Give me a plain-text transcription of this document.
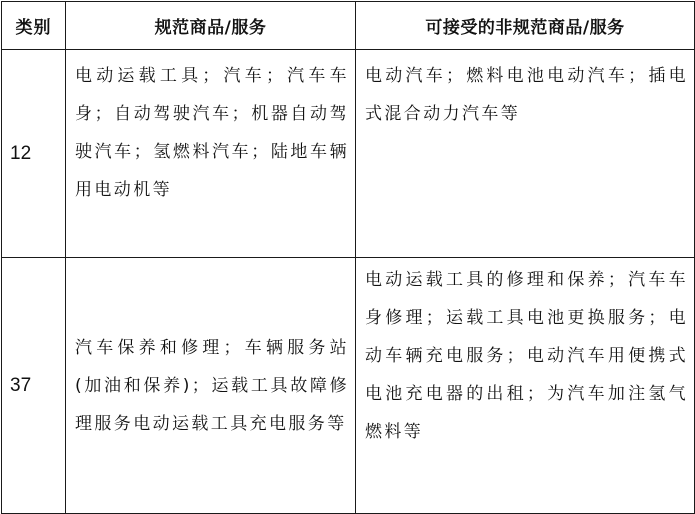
类别	规范商品/服务	可接受的非规范商品/服务
12	电动运载工具；汽车；汽车车身；自动驾驶汽车；机器自动驾驶汽车；氢燃料汽车；陆地车辆用电动机等	电动汽车；燃料电池电动汽车；插电式混合动力汽车等
37	汽车保养和修理；车辆服务站(加油和保养)；运载工具故障修理服务电动运载工具充电服务等	电动运载工具的修理和保养；汽车车身修理；运载工具电池更换服务；电动车辆充电服务；电动汽车用便携式电池充电器的出租；为汽车加注氢气燃料等
